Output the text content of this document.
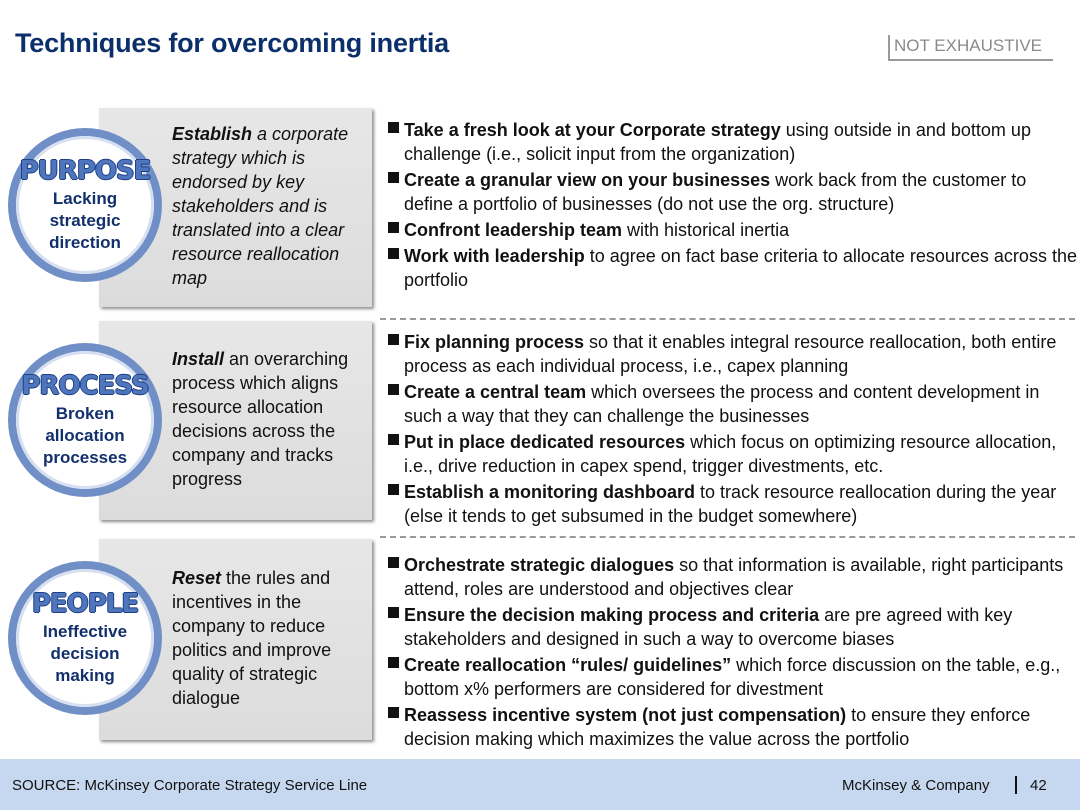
Techniques for overcoming inertia	NOT EXHAUSTIVE
Establish a corporate strategy which is endorsed by key stakeholders and is translated into a clear resource reallocation map
PURPOSE
Lacking
strategic
direction
Take a fresh look at your Corporate strategy using outside in and bottom up challenge (i.e., solicit input from the organization)
Create a granular view on your businesses work back from the customer to define a portfolio of businesses (do not use the org. structure)
Confront leadership team with historical inertia
Work with leadership to agree on fact base criteria to allocate resources across the portfolio
Install an overarching process which aligns resource allocation decisions across the company and tracks progress
PROCESS
Broken
allocation
processes
Fix planning process so that it enables integral resource reallocation, both entire process as each individual process, i.e., capex planning
Create a central team which oversees the process and content development in such a way that they can challenge the businesses
Put in place dedicated resources which focus on optimizing resource allocation, i.e., drive reduction in capex spend, trigger divestments, etc.
Establish a monitoring dashboard to track resource reallocation during the year (else it tends to get subsumed in the budget somewhere)
Reset the rules and incentives in the company to reduce politics and improve quality of strategic dialogue
PEOPLE
Ineffective
decision
making
Orchestrate strategic dialogues so that information is available, right participants attend, roles are understood and objectives clear
Ensure the decision making process and criteria are pre agreed with key stakeholders and designed in such a way to overcome biases
Create reallocation “rules/ guidelines” which force discussion on the table, e.g., bottom x% performers are considered for divestment
Reassess incentive system (not just compensation) to ensure they enforce decision making which maximizes the value across the portfolio
SOURCE: McKinsey Corporate Strategy Service Line	McKinsey & Company	42
